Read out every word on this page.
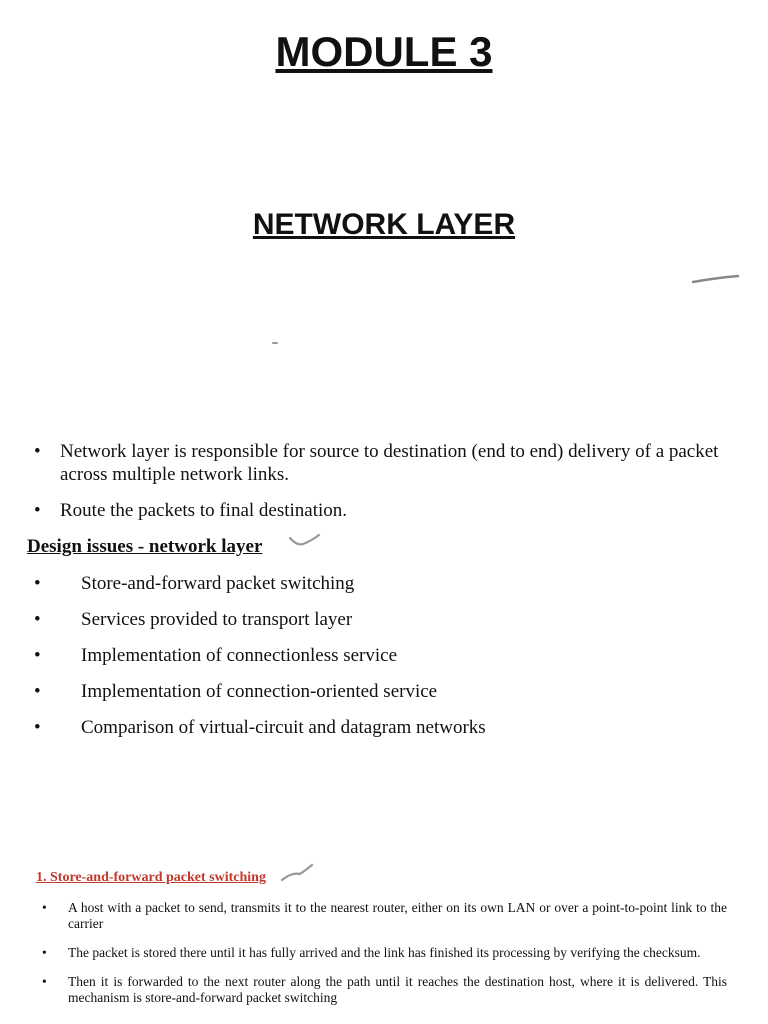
MODULE 3
NETWORK LAYER
• Network layer is responsible for source to destination (end to end) delivery of a packet across multiple network links.
• Route the packets to final destination.
Design issues - network layer
• Store-and-forward packet switching
• Services provided to transport layer
• Implementation of connectionless service
• Implementation of connection-oriented service
• Comparison of virtual-circuit and datagram networks
1. Store-and-forward packet switching
• A host with a packet to send, transmits it to the nearest router, either on its own LAN or over a point-to-point link to the carrier
• The packet is stored there until it has fully arrived and the link has finished its processing by verifying the checksum.
• Then it is forwarded to the next router along the path until it reaches the destination host, where it is delivered. This mechanism is store-and-forward packet switching
